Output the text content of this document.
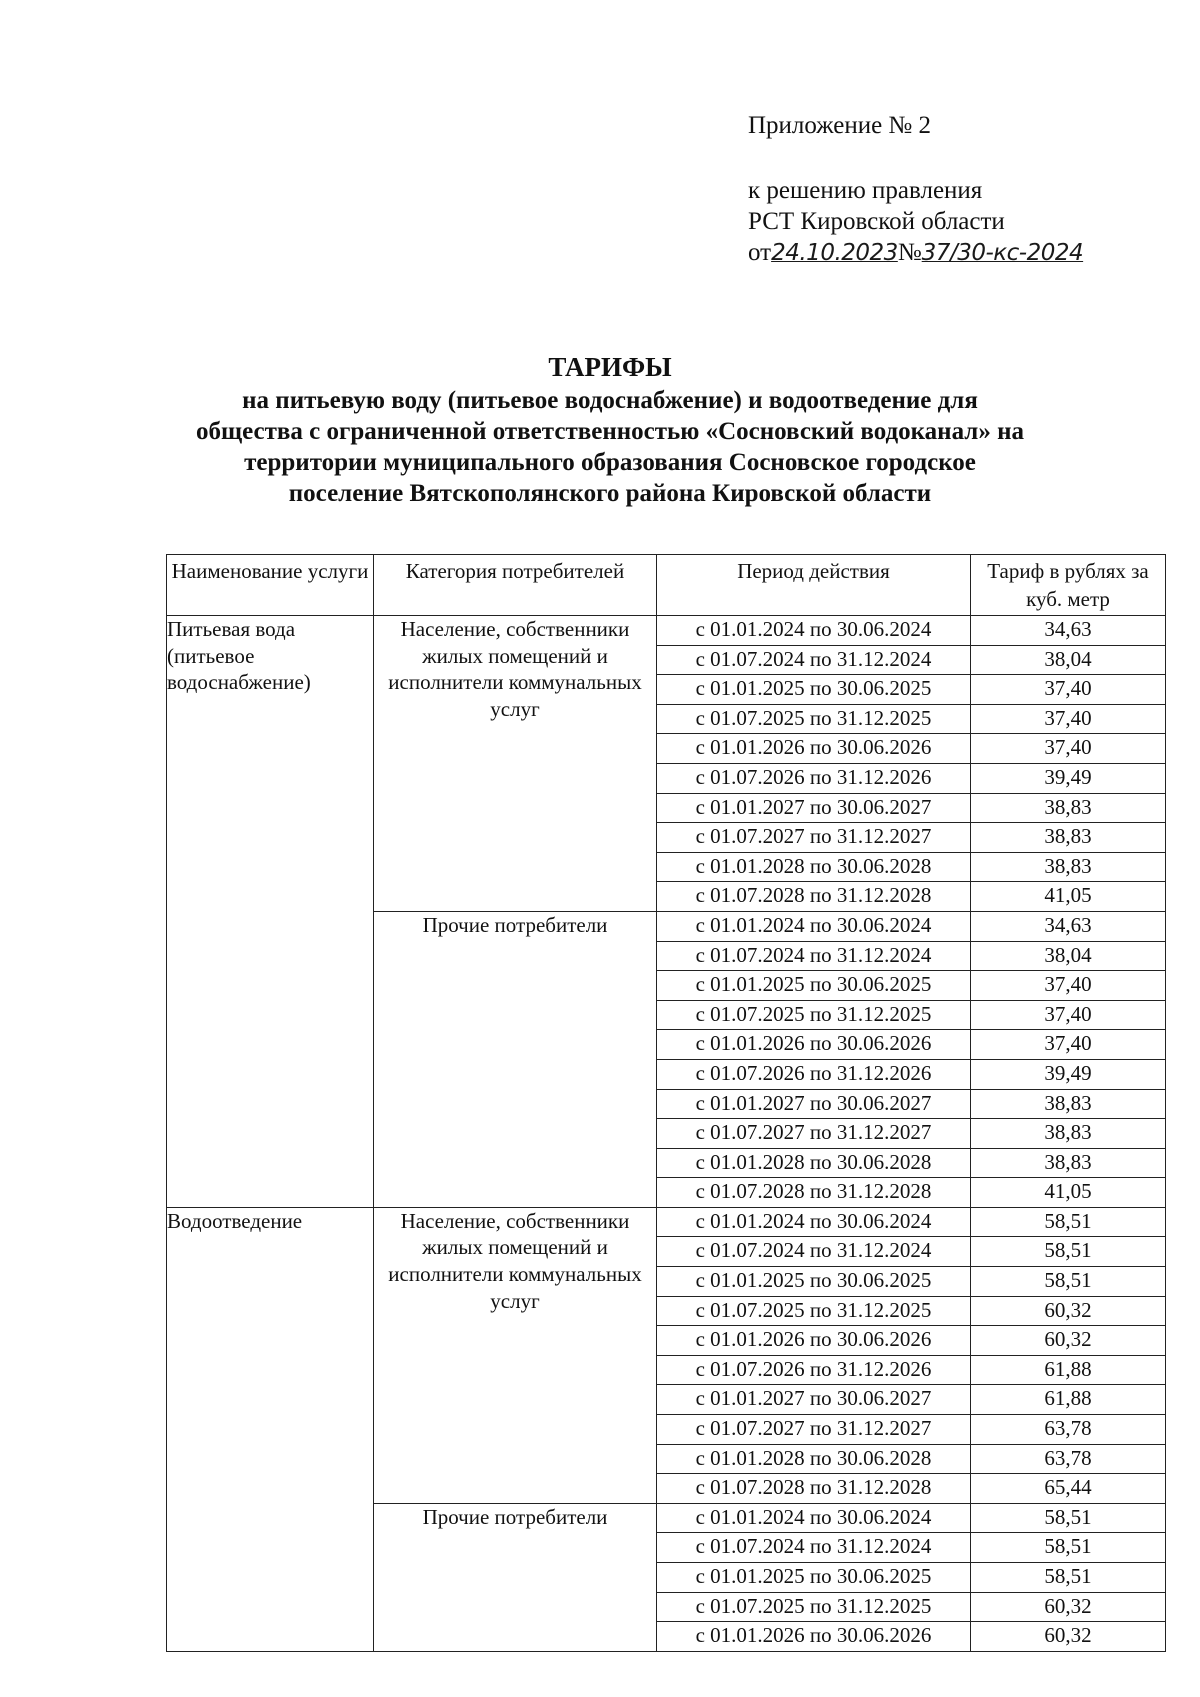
Приложение № 2
к решению правления
РСТ Кировской области
от 24.10.2023 № 37/30-кс-2024
ТАРИФЫ
на питьевую воду (питьевое водоснабжение) и водоотведение для
общества с ограниченной ответственностью «Сосновский водоканал» на
территории муниципального образования Сосновское городское
поселение Вятскополянского района Кировской области
Наименование услуги	Категория потребителей	Период действия	Тариф в рублях за куб. метр
Питьевая вода (питьевое водоснабжение)	Население, собственники жилых помещений и исполнители коммунальных услуг	с 01.01.2024 по 30.06.2024	34,63
		с 01.07.2024 по 31.12.2024	38,04
		с 01.01.2025 по 30.06.2025	37,40
		с 01.07.2025 по 31.12.2025	37,40
		с 01.01.2026 по 30.06.2026	37,40
		с 01.07.2026 по 31.12.2026	39,49
		с 01.01.2027 по 30.06.2027	38,83
		с 01.07.2027 по 31.12.2027	38,83
		с 01.01.2028 по 30.06.2028	38,83
		с 01.07.2028 по 31.12.2028	41,05
	Прочие потребители	с 01.01.2024 по 30.06.2024	34,63
		с 01.07.2024 по 31.12.2024	38,04
		с 01.01.2025 по 30.06.2025	37,40
		с 01.07.2025 по 31.12.2025	37,40
		с 01.01.2026 по 30.06.2026	37,40
		с 01.07.2026 по 31.12.2026	39,49
		с 01.01.2027 по 30.06.2027	38,83
		с 01.07.2027 по 31.12.2027	38,83
		с 01.01.2028 по 30.06.2028	38,83
		с 01.07.2028 по 31.12.2028	41,05
Водоотведение	Население, собственники жилых помещений и исполнители коммунальных услуг	с 01.01.2024 по 30.06.2024	58,51
		с 01.07.2024 по 31.12.2024	58,51
		с 01.01.2025 по 30.06.2025	58,51
		с 01.07.2025 по 31.12.2025	60,32
		с 01.01.2026 по 30.06.2026	60,32
		с 01.07.2026 по 31.12.2026	61,88
		с 01.01.2027 по 30.06.2027	61,88
		с 01.07.2027 по 31.12.2027	63,78
		с 01.01.2028 по 30.06.2028	63,78
		с 01.07.2028 по 31.12.2028	65,44
	Прочие потребители	с 01.01.2024 по 30.06.2024	58,51
		с 01.07.2024 по 31.12.2024	58,51
		с 01.01.2025 по 30.06.2025	58,51
		с 01.07.2025 по 31.12.2025	60,32
		с 01.01.2026 по 30.06.2026	60,32
